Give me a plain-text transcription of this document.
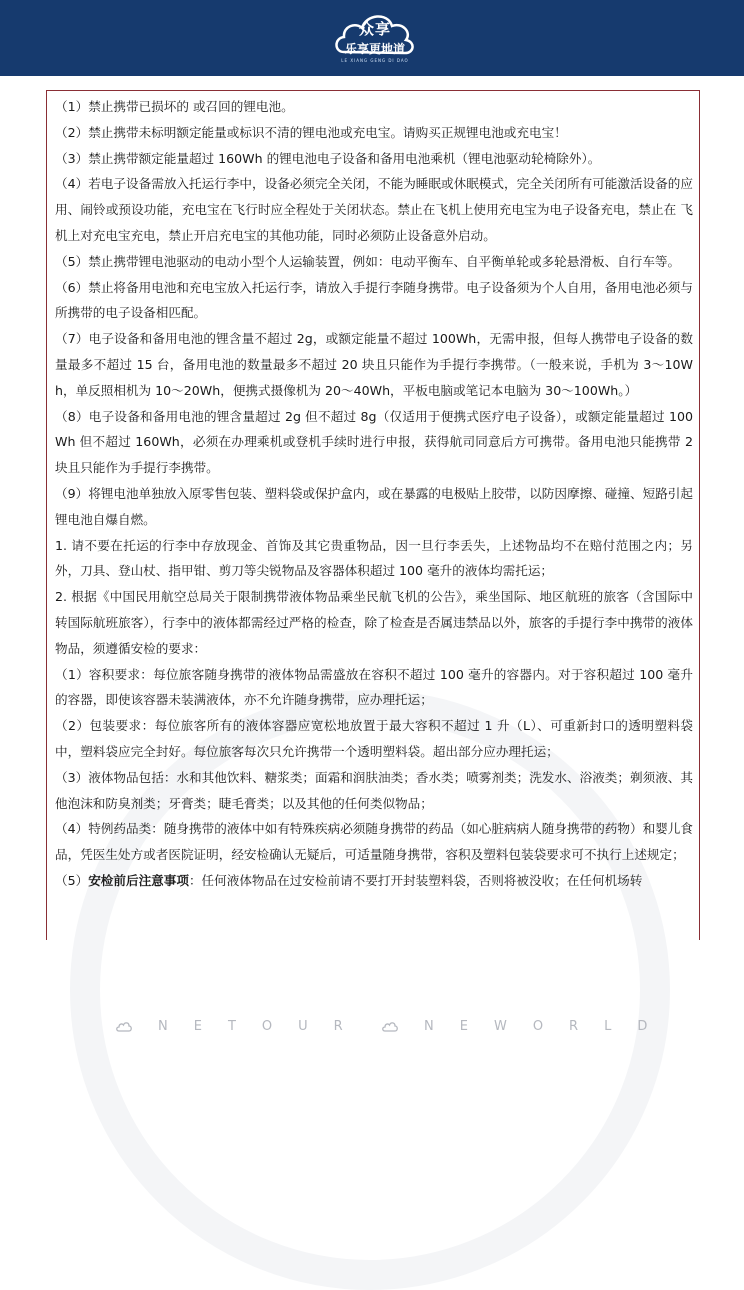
众享
乐享更地道
LE XIANG GENG DI DAO

（1）禁止携带已损坏的 或召回的锂电池。

（2）禁止携带未标明额定能量或标识不清的锂电池或充电宝。请购买正规锂电池或充电宝！

（3）禁止携带额定能量超过 160Wh 的锂电池电子设备和备用电池乘机（锂电池驱动轮椅除外）。

（4）若电子设备需放入托运行李中，设备必须完全关闭，不能为睡眠或休眠模式，完全关闭所有可能激活设备的应用、闹铃或预设功能，充电宝在飞行时应全程处于关闭状态。禁止在飞机上使用充电宝为电子设备充电，禁止在 飞机上对充电宝充电，禁止开启充电宝的其他功能，同时必须防止设备意外启动。

（5）禁止携带锂电池驱动的电动小型个人运输装置，例如：电动平衡车、自平衡单轮或多轮悬滑板、自行车等。

（6）禁止将备用电池和充电宝放入托运行李，请放入手提行李随身携带。电子设备须为个人自用，备用电池必须与所携带的电子设备相匹配。

（7）电子设备和备用电池的锂含量不超过 2g，或额定能量不超过 100Wh，无需申报，但每人携带电子设备的数量最多不超过 15 台，备用电池的数量最多不超过 20 块且只能作为手提行李携带。（一般来说，手机为 3～10Wh，单反照相机为 10～20Wh，便携式摄像机为 20～40Wh，平板电脑或笔记本电脑为 30～100Wh。）

（8）电子设备和备用电池的锂含量超过 2g 但不超过 8g（仅适用于便携式医疗电子设备），或额定能量超过 100Wh 但不超过 160Wh，必须在办理乘机或登机手续时进行申报，获得航司同意后方可携带。备用电池只能携带 2 块且只能作为手提行李携带。

（9）将锂电池单独放入原零售包装、塑料袋或保护盒内，或在暴露的电极贴上胶带，以防因摩擦、碰撞、短路引起锂电池自爆自燃。

1. 请不要在托运的行李中存放现金、首饰及其它贵重物品，因一旦行李丢失，上述物品均不在赔付范围之内；另外，刀具、登山杖、指甲钳、剪刀等尖锐物品及容器体积超过 100 毫升的液体均需托运；

2. 根据《中国民用航空总局关于限制携带液体物品乘坐民航飞机的公告》，乘坐国际、地区航班的旅客（含国际中转国际航班旅客），行李中的液体都需经过严格的检查，除了检查是否属违禁品以外，旅客的手提行李中携带的液体物品，须遵循安检的要求：

（1）容积要求：每位旅客随身携带的液体物品需盛放在容积不超过 100 毫升的容器内。对于容积超过 100 毫升的容器，即使该容器未装满液体，亦不允许随身携带，应办理托运；

（2）包装要求：每位旅客所有的液体容器应宽松地放置于最大容积不超过 1 升（L）、可重新封口的透明塑料袋中，塑料袋应完全封好。每位旅客每次只允许携带一个透明塑料袋。超出部分应办理托运；

（3）液体物品包括：水和其他饮料、糖浆类；面霜和润肤油类；香水类；喷雾剂类；洗发水、浴液类；剃须液、其他泡沫和防臭剂类；牙膏类；睫毛膏类；以及其他的任何类似物品；

（4）特例药品类：随身携带的液体中如有特殊疾病必须随身携带的药品（如心脏病病人随身携带的药物）和婴儿食品，凭医生处方或者医院证明，经安检确认无疑后，可适量随身携带，容积及塑料包装袋要求可不执行上述规定；

（5）安检前后注意事项：任何液体物品在过安检前请不要打开封装塑料袋，否则将被没收；在任何机场转

N E T O U R	N E W O R L D
